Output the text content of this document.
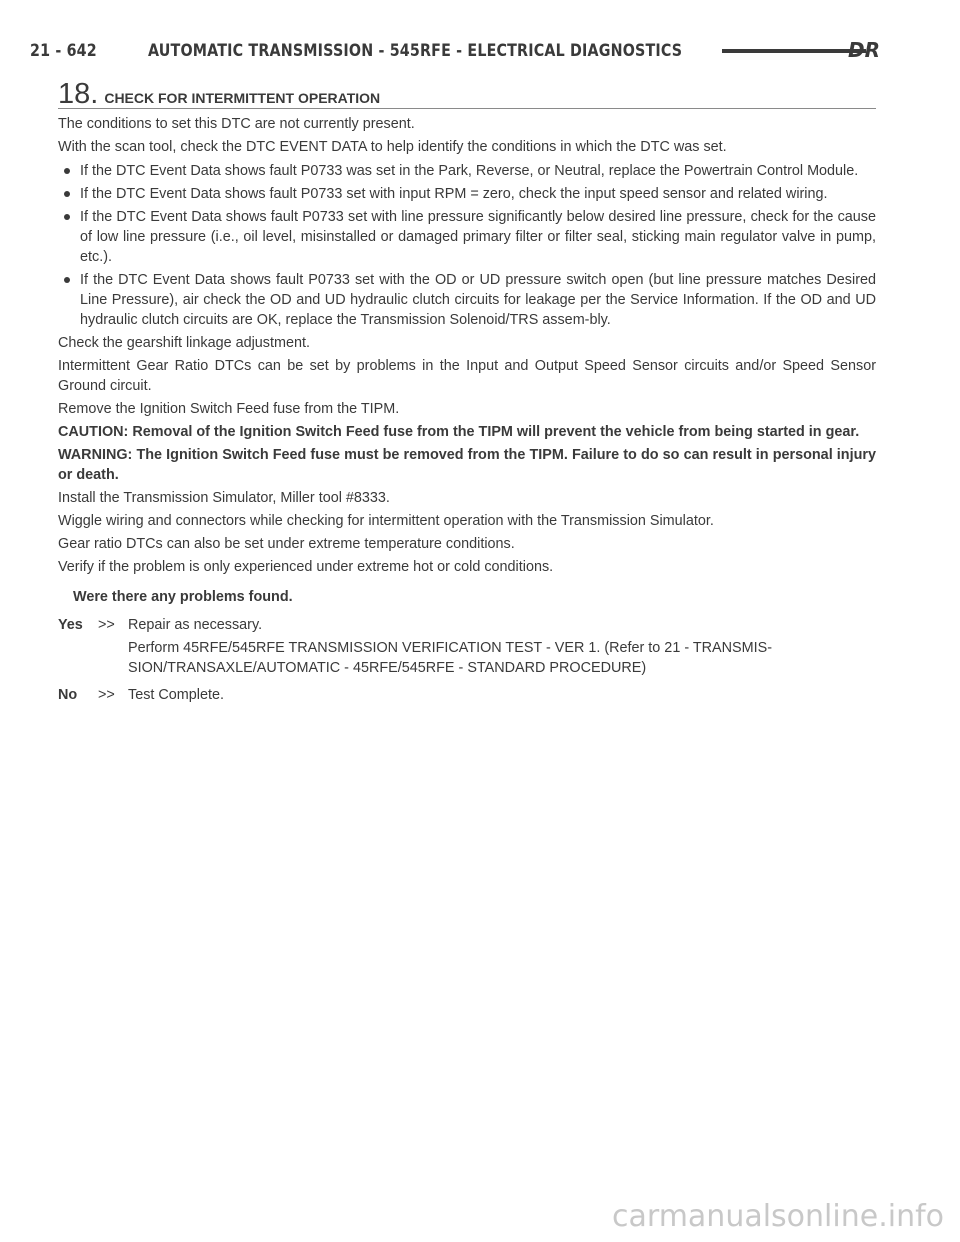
21 - 642	AUTOMATIC TRANSMISSION - 545RFE - ELECTRICAL DIAGNOSTICS	DR
18. CHECK FOR INTERMITTENT OPERATION

The conditions to set this DTC are not currently present.

With the scan tool, check the DTC EVENT DATA to help identify the conditions in which the DTC was set.

If the DTC Event Data shows fault P0733 was set in the Park, Reverse, or Neutral, replace the Powertrain Control Module.
If the DTC Event Data shows fault P0733 set with input RPM = zero, check the input speed sensor and related wiring.
If the DTC Event Data shows fault P0733 set with line pressure significantly below desired line pressure, check for the cause of low line pressure (i.e., oil level, misinstalled or damaged primary filter or filter seal, sticking main regulator valve in pump, etc.).
If the DTC Event Data shows fault P0733 set with the OD or UD pressure switch open (but line pressure matches Desired Line Pressure), air check the OD and UD hydraulic clutch circuits for leakage per the Service Information. If the OD and UD hydraulic clutch circuits are OK, replace the Transmission Solenoid/TRS assem-bly.

Check the gearshift linkage adjustment.

Intermittent Gear Ratio DTCs can be set by problems in the Input and Output Speed Sensor circuits and/or Speed Sensor Ground circuit.

Remove the Ignition Switch Feed fuse from the TIPM.

CAUTION: Removal of the Ignition Switch Feed fuse from the TIPM will prevent the vehicle from being started in gear.

WARNING: The Ignition Switch Feed fuse must be removed from the TIPM. Failure to do so can result in personal injury or death.

Install the Transmission Simulator, Miller tool #8333.

Wiggle wiring and connectors while checking for intermittent operation with the Transmission Simulator.

Gear ratio DTCs can also be set under extreme temperature conditions.

Verify if the problem is only experienced under extreme hot or cold conditions.

Were there any problems found.

Yes	>> Repair as necessary.
Perform 45RFE/545RFE TRANSMISSION VERIFICATION TEST - VER 1. (Refer to 21 - TRANSMIS-SION/TRANSAXLE/AUTOMATIC - 45RFE/545RFE - STANDARD PROCEDURE)
No	>> Test Complete.
carmanualsonline.info
